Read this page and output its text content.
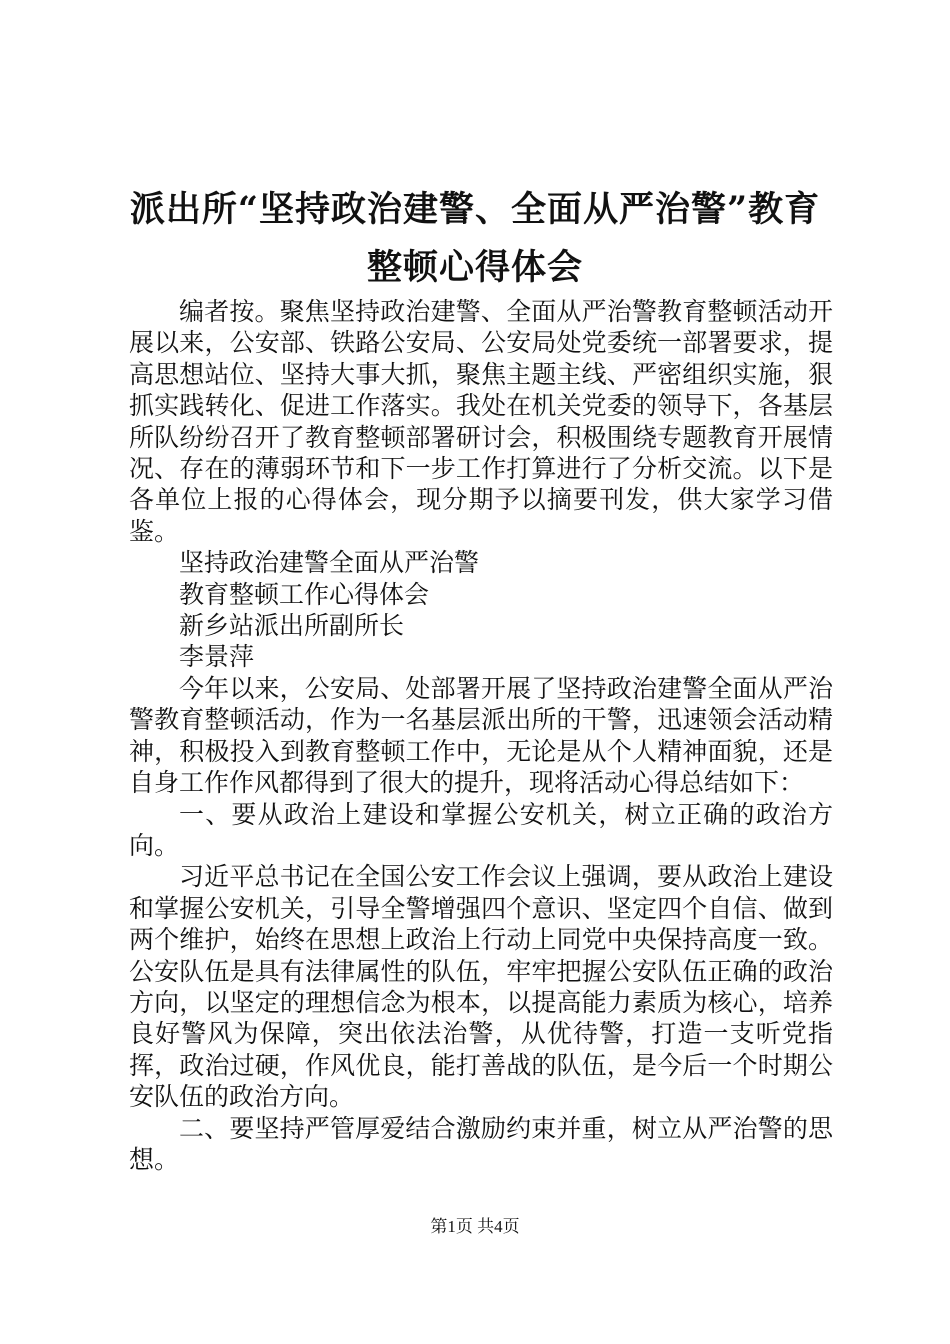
派出所“坚持政治建警、全面从严治警”教育
整顿心得体会

编者按。聚焦坚持政治建警、全面从严治警教育整顿活动开展以来，公安部、铁路公安局、公安局处党委统一部署要求，提高思想站位、坚持大事大抓，聚焦主题主线、严密组织实施，狠抓实践转化、促进工作落实。我处在机关党委的领导下，各基层所队纷纷召开了教育整顿部署研讨会，积极围绕专题教育开展情况、存在的薄弱环节和下一步工作打算进行了分析交流。以下是各单位上报的心得体会，现分期予以摘要刊发，供大家学习借鉴。

坚持政治建警全面从严治警

教育整顿工作心得体会

新乡站派出所副所长

李景萍

今年以来，公安局、处部署开展了坚持政治建警全面从严治警教育整顿活动，作为一名基层派出所的干警，迅速领会活动精神，积极投入到教育整顿工作中，无论是从个人精神面貌，还是自身工作作风都得到了很大的提升，现将活动心得总结如下：

一、要从政治上建设和掌握公安机关，树立正确的政治方向。

习近平总书记在全国公安工作会议上强调，要从政治上建设和掌握公安机关，引导全警增强四个意识、坚定四个自信、做到两个维护，始终在思想上政治上行动上同党中央保持高度一致。公安队伍是具有法律属性的队伍，牢牢把握公安队伍正确的政治方向，以坚定的理想信念为根本，以提高能力素质为核心，培养良好警风为保障，突出依法治警，从优待警，打造一支听党指挥，政治过硬，作风优良，能打善战的队伍，是今后一个时期公安队伍的政治方向。

二、要坚持严管厚爱结合激励约束并重，树立从严治警的思想。

第1页 共4页
